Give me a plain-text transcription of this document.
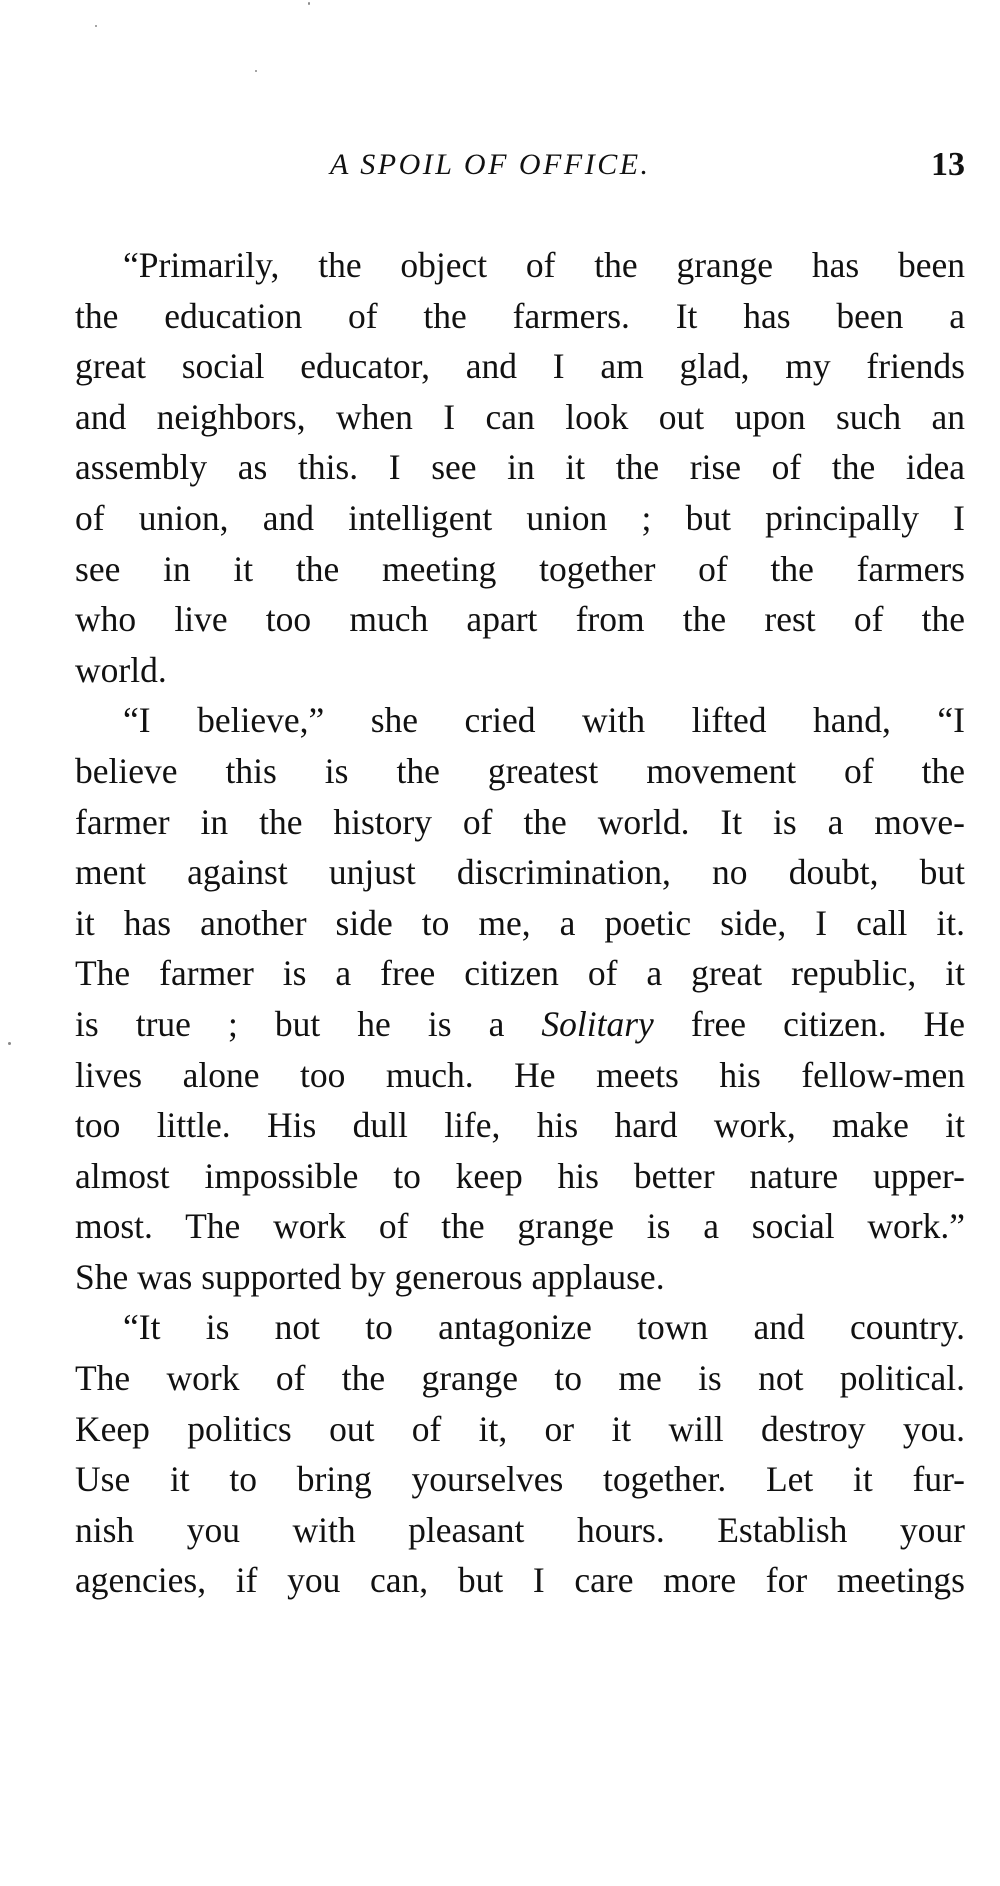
A SPOIL OF OFFICE.	13
“Primarily, the object of the grange has been
the education of the farmers. It has been a
great social educator, and I am glad, my friends
and neighbors, when I can look out upon such an
assembly as this. I see in it the rise of the idea
of union, and intelligent union ; but principally I
see in it the meeting together of the farmers
who live too much apart from the rest of the
world.
“I believe,” she cried with lifted hand, “I
believe this is the greatest movement of the
farmer in the history of the world. It is a move-
ment against unjust discrimination, no doubt, but
it has another side to me, a poetic side, I call it.
The farmer is a free citizen of a great republic, it
is true ; but he is a Solitary free citizen. He
lives alone too much. He meets his fellow-men
too little. His dull life, his hard work, make it
almost impossible to keep his better nature upper-
most. The work of the grange is a social work.”
She was supported by generous applause.
“It is not to antagonize town and country.
The work of the grange to me is not political.
Keep politics out of it, or it will destroy you.
Use it to bring yourselves together. Let it fur-
nish you with pleasant hours. Establish your
agencies, if you can, but I care more for meetings
